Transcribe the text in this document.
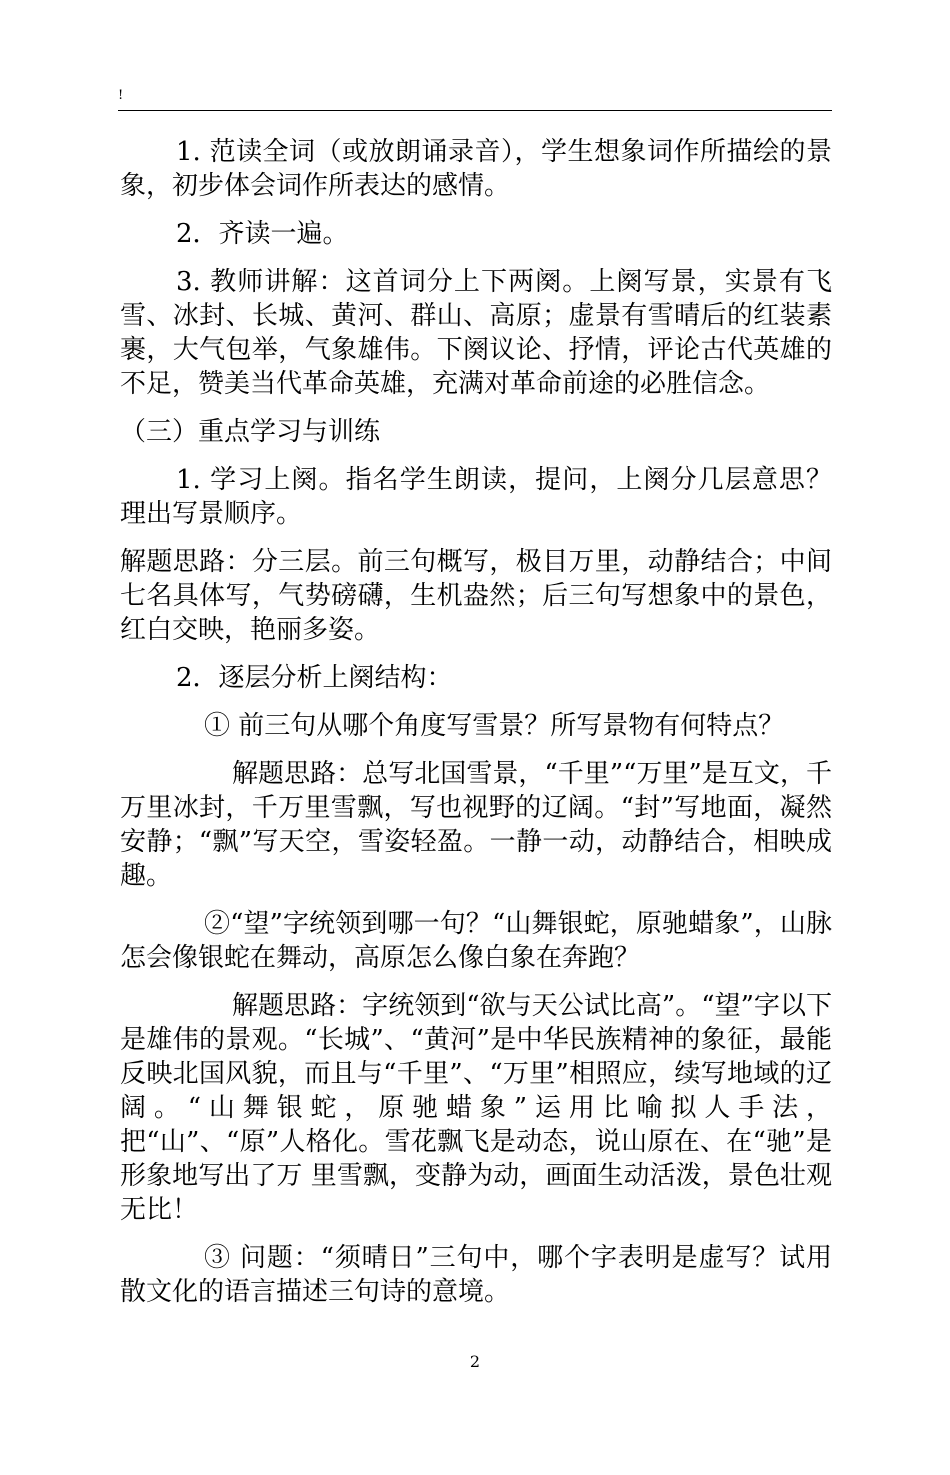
!

1. 范读全词（或放朗诵录音），学生想象词作所描绘的景象，初步体会词作所表达的感情。

2．齐读一遍。

3. 教师讲解：这首词分上下两阕。上阕写景，实景有飞雪、冰封、长城、黄河、群山、高原；虚景有雪晴后的红装素裹，大气包举，气象雄伟。下阕议论、抒情，评论古代英雄的不足，赞美当代革命英雄，充满对革命前途的必胜信念。

（三）重点学习与训练

1. 学习上阕。指名学生朗读，提问，上阕分几层意思？理出写景顺序。

解题思路：分三层。前三句概写，极目万里，动静结合；中间七名具体写，气势磅礴，生机盎然；后三句写想象中的景色，红白交映，艳丽多姿。

2．逐层分析上阕结构：

① 前三句从哪个角度写雪景？所写景物有何特点？

解题思路：总写北国雪景，“千里”“万里”是互文，千万里冰封，千万里雪飘，写也视野的辽阔。“封”写地面，凝然安静；“飘”写天空，雪姿轻盈。一静一动，动静结合，相映成趣。

②“望”字统领到哪一句？“山舞银蛇，原驰蜡象”，山脉怎会像银蛇在舞动，高原怎么像白象在奔跑？

解题思路：字统领到“欲与天公试比高”。“望”字以下是雄伟的景观。“长城”、“黄河”是中华民族精神的象征，最能反映北国风貌，而且与“千里”、“万里”相照应，续写地域的辽阔。“山舞银蛇，原驰蜡象”运用比喻拟人手法，把“山”、“原”人格化。雪花飘飞是动态，说山原在、在“驰”是形象地写出了万 里雪飘，变静为动，画面生动活泼，景色壮观无比！

③ 问题：“须晴日”三句中，哪个字表明是虚写？试用散文化的语言描述三句诗的意境。

2
